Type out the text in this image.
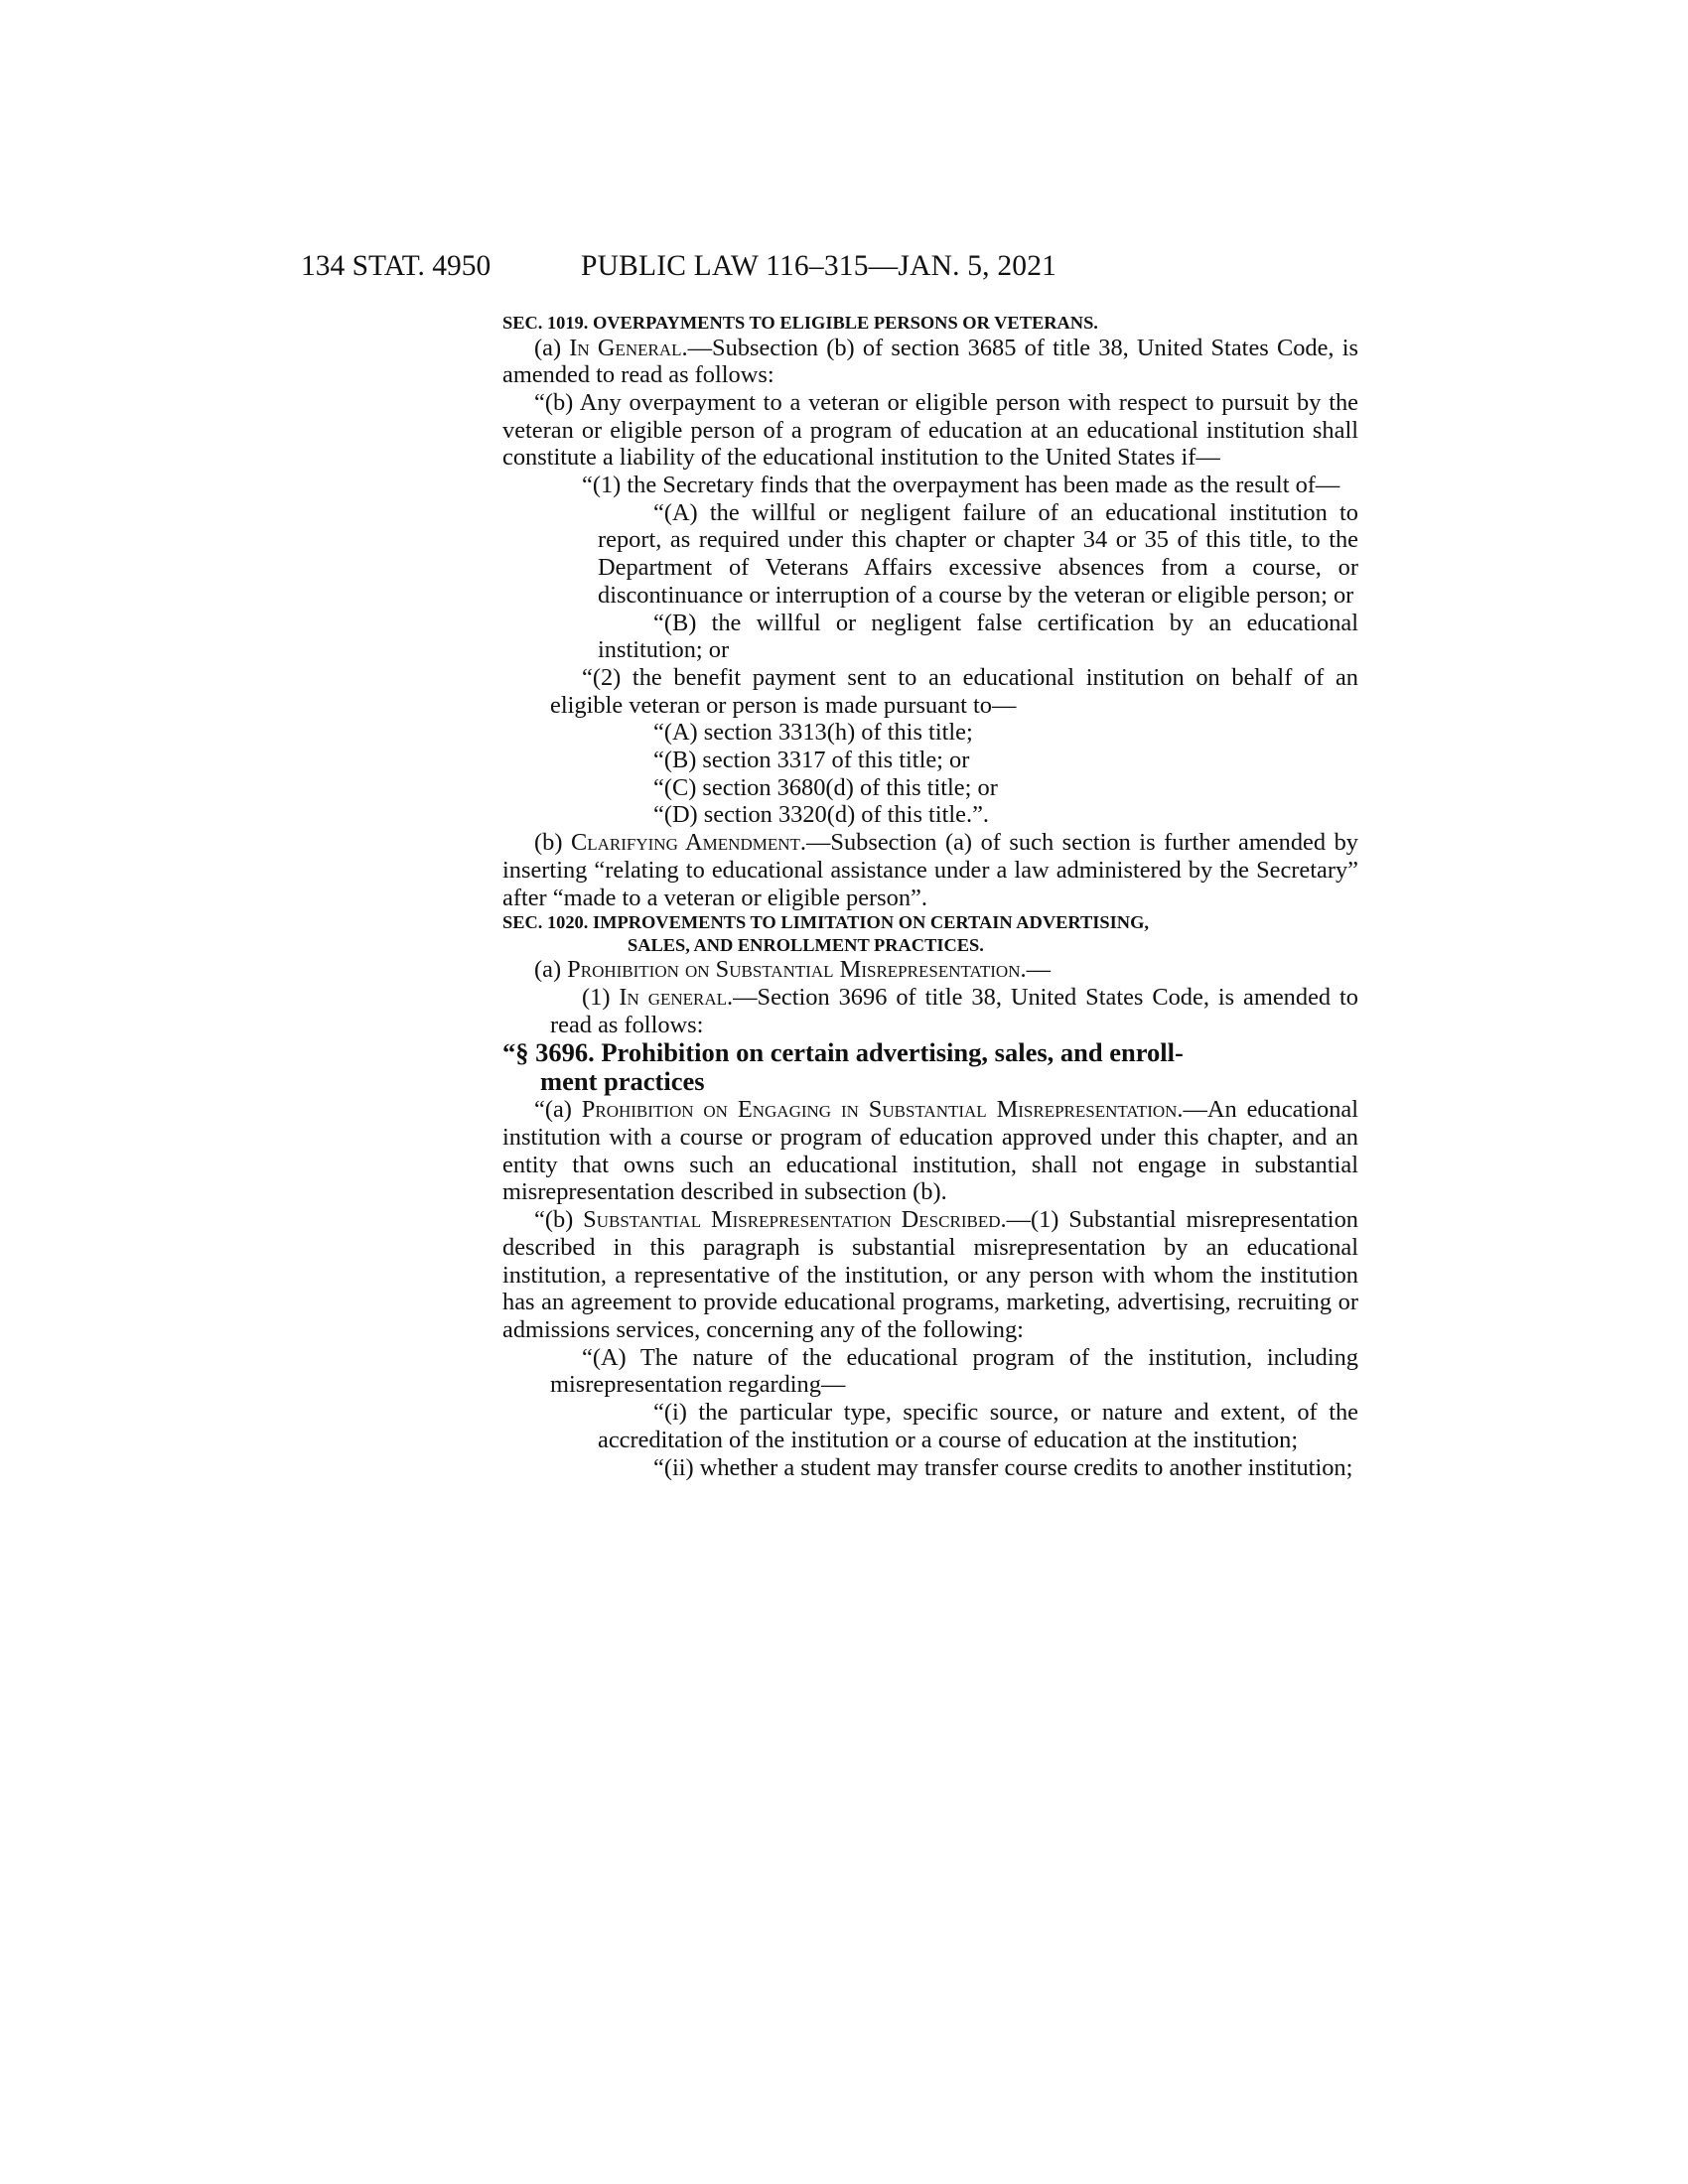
134 STAT. 4950	PUBLIC LAW 116–315—JAN. 5, 2021

SEC. 1019. OVERPAYMENTS TO ELIGIBLE PERSONS OR VETERANS.

(a) In General.—Subsection (b) of section 3685 of title 38, United States Code, is amended to read as follows:

“(b) Any overpayment to a veteran or eligible person with respect to pursuit by the veteran or eligible person of a program of education at an educational institution shall constitute a liability of the educational institution to the United States if—

“(1) the Secretary finds that the overpayment has been made as the result of—

“(A) the willful or negligent failure of an educational institution to report, as required under this chapter or chapter 34 or 35 of this title, to the Department of Veterans Affairs excessive absences from a course, or discontinuance or interruption of a course by the veteran or eligible person; or

“(B) the willful or negligent false certification by an educational institution; or

“(2) the benefit payment sent to an educational institution on behalf of an eligible veteran or person is made pursuant to—

“(A) section 3313(h) of this title;

“(B) section 3317 of this title; or

“(C) section 3680(d) of this title; or

“(D) section 3320(d) of this title.”.

(b) Clarifying Amendment.—Subsection (a) of such section is further amended by inserting “relating to educational assistance under a law administered by the Secretary” after “made to a veteran or eligible person”.

SEC. 1020. IMPROVEMENTS TO LIMITATION ON CERTAIN ADVERTISING,
SALES, AND ENROLLMENT PRACTICES.

(a) Prohibition on Substantial Misrepresentation.—

(1) In general.—Section 3696 of title 38, United States Code, is amended to read as follows:

“§ 3696. Prohibition on certain advertising, sales, and enroll-
ment practices

“(a) Prohibition on Engaging in Substantial Misrepresentation.—An educational institution with a course or program of education approved under this chapter, and an entity that owns such an educational institution, shall not engage in substantial misrepresentation described in subsection (b).

“(b) Substantial Misrepresentation Described.—(1) Substantial misrepresentation described in this paragraph is substantial misrepresentation by an educational institution, a representative of the institution, or any person with whom the institution has an agreement to provide educational programs, marketing, advertising, recruiting or admissions services, concerning any of the following:

“(A) The nature of the educational program of the institution, including misrepresentation regarding—

“(i) the particular type, specific source, or nature and extent, of the accreditation of the institution or a course of education at the institution;

“(ii) whether a student may transfer course credits to another institution;
